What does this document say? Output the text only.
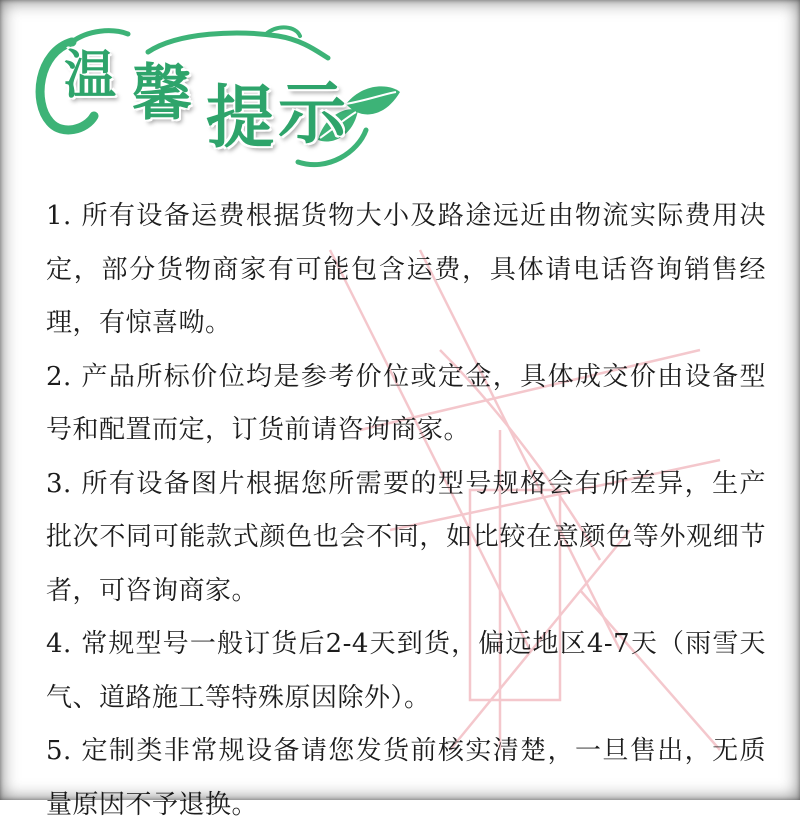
温 馨 提 示
1. 所有设备运费根据货物大小及路途远近由物流实际费用决定，部分货物商家有可能包含运费，具体请电话咨询销售经理，有惊喜呦。
2. 产品所标价位均是参考价位或定金，具体成交价由设备型号和配置而定，订货前请咨询商家。
3. 所有设备图片根据您所需要的型号规格会有所差异，生产批次不同可能款式颜色也会不同，如比较在意颜色等外观细节者，可咨询商家。
4. 常规型号一般订货后2-4天到货，偏远地区4-7天（雨雪天气、道路施工等特殊原因除外）。
5. 定制类非常规设备请您发货前核实清楚，一旦售出，无质量原因不予退换。
